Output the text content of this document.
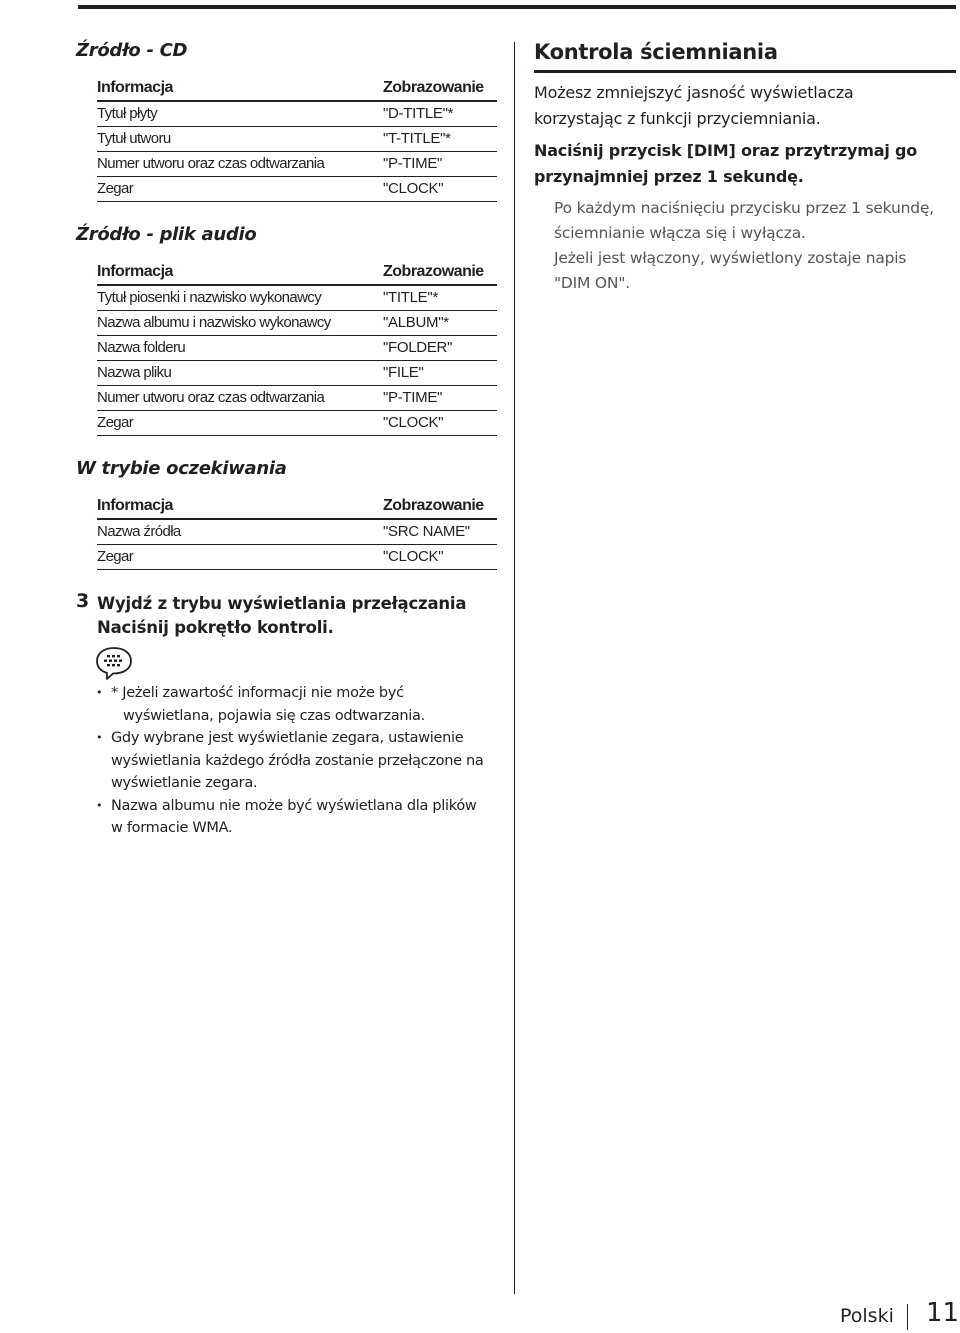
Źródło - CD
Informacja	Zobrazowanie
Tytuł płyty	"D-TITLE"*
Tytuł utworu	"T-TITLE"*
Numer utworu oraz czas odtwarzania	"P-TIME"
Zegar	"CLOCK"
Źródło - plik audio
Informacja	Zobrazowanie
Tytuł piosenki i nazwisko wykonawcy	"TITLE"*
Nazwa albumu i nazwisko wykonawcy	"ALBUM"*
Nazwa folderu	"FOLDER"
Nazwa pliku	"FILE"
Numer utworu oraz czas odtwarzania	"P-TIME"
Zegar	"CLOCK"
W trybie oczekiwania
Informacja	Zobrazowanie
Nazwa źródła	"SRC NAME"
Zegar	"CLOCK"
3 Wyjdź z trybu wyświetlania przełączania
Naciśnij pokrętło kontroli.
• * Jeżeli zawartość informacji nie może być
wyświetlana, pojawia się czas odtwarzania.
• Gdy wybrane jest wyświetlanie zegara, ustawienie
wyświetlania każdego źródła zostanie przełączone na
wyświetlanie zegara.
• Nazwa albumu nie może być wyświetlana dla plików
w formacie WMA.
Kontrola ściemniania

Możesz zmniejszyć jasność wyświetlacza

korzystając z funkcji przyciemniania.

Naciśnij przycisk [DIM] oraz przytrzymaj go

przynajmniej przez 1 sekundę.

Po każdym naciśnięciu przycisku przez 1 sekundę,

ściemnianie włącza się i wyłącza.

Jeżeli jest włączony, wyświetlony zostaje napis

"DIM ON".

Polski 11
